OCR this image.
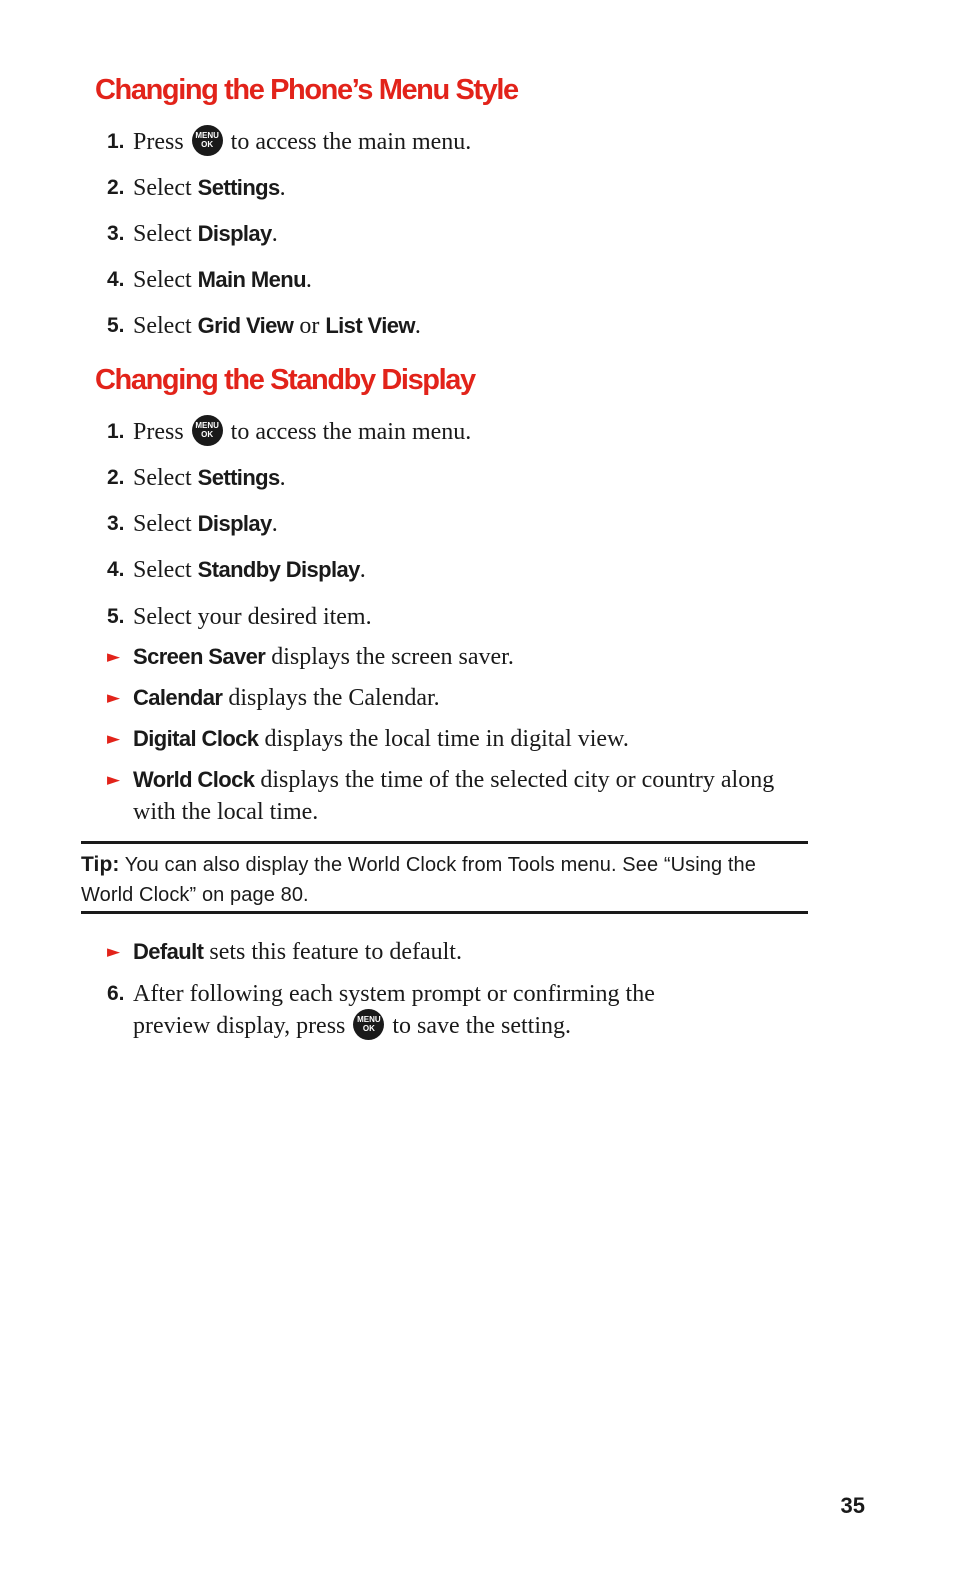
Changing the Phone’s Menu Style
1. Press	MENU
OK to access the main menu.
2. Select Settings.
3. Select Display.
4. Select Main Menu.
5. Select Grid View or List View.
Changing the Standby Display
1. Press	MENU
OK to access the main menu.
2. Select Settings.
3. Select Display.
4. Select Standby Display.
5. Select your desired item.
► Screen Saver displays the screen saver.
► Calendar displays the Calendar.
► Digital Clock displays the local time in digital view.
► World Clock displays the time of the selected city or country along with the local time.
Tip: You can also display the World Clock from Tools menu. See “Using the World Clock” on page 80.
► Default sets this feature to default.
6. After following each system prompt or confirming the
preview display, press	MENU
OK to save the setting.
35
